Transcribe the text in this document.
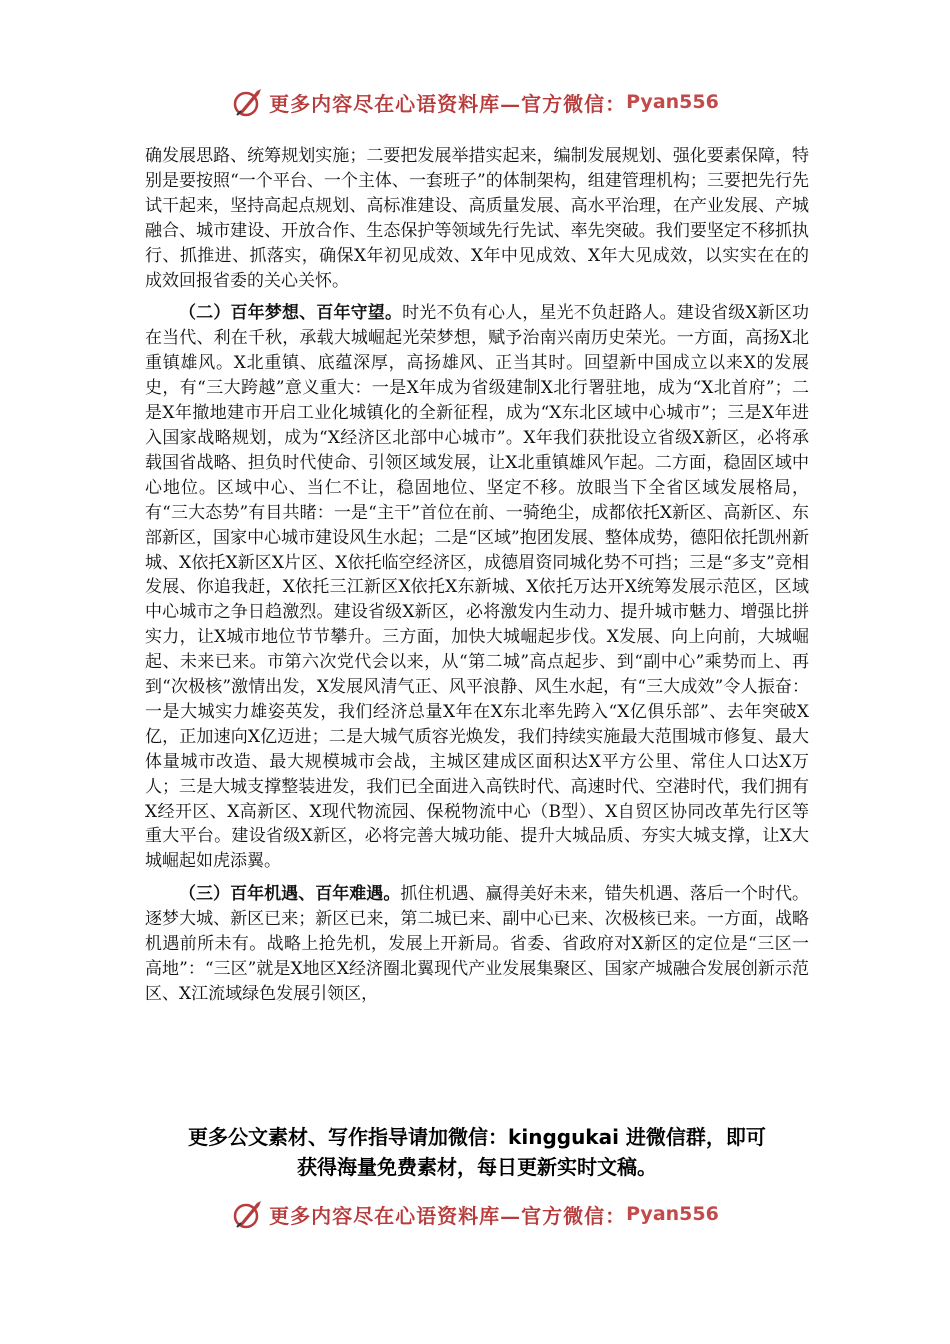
更多内容尽在心语资料库—官方微信： Pyan556

确发展思路、统筹规划实施；二要把发展举措实起来，编制发展规划、强化要素保障，特别是要按照“一个平台、一个主体、一套班子”的体制架构，组建管理机构；三要把先行先试干起来，坚持高起点规划、高标准建设、高质量发展、高水平治理，在产业发展、产城融合、城市建设、开放合作、生态保护等领域先行先试、率先突破。我们要坚定不移抓执行、抓推进、抓落实，确保X年初见成效、X年中见成效、X年大见成效，以实实在在的成效回报省委的关心关怀。

（二）百年梦想、百年守望。时光不负有心人，星光不负赶路人。建设省级X新区功在当代、利在千秋，承载大城崛起光荣梦想，赋予治南兴南历史荣光。一方面，高扬X北重镇雄风。X北重镇、底蕴深厚，高扬雄风、正当其时。回望新中国成立以来X的发展史，有“三大跨越”意义重大：一是X年成为省级建制X北行署驻地，成为“X北首府”；二是X年撤地建市开启工业化城镇化的全新征程，成为“X东北区域中心城市”；三是X年进入国家战略规划，成为“X经济区北部中心城市”。X年我们获批设立省级X新区，必将承载国省战略、担负时代使命、引领区域发展，让X北重镇雄风乍起。二方面，稳固区域中心地位。区域中心、当仁不让，稳固地位、坚定不移。放眼当下全省区域发展格局，有“三大态势”有目共睹：一是“主干”首位在前、一骑绝尘，成都依托X新区、高新区、东部新区，国家中心城市建设风生水起；二是“区域”抱团发展、整体成势，德阳依托凯州新城、X依托X新区X片区、X依托临空经济区，成德眉资同城化势不可挡；三是“多支”竞相发展、你追我赶，X依托三江新区X依托X东新城、X依托万达开X统筹发展示范区，区域中心城市之争日趋激烈。建设省级X新区，必将激发内生动力、提升城市魅力、增强比拼实力，让X城市地位节节攀升。三方面，加快大城崛起步伐。X发展、向上向前，大城崛起、未来已来。市第六次党代会以来，从“第二城”高点起步、到“副中心”乘势而上、再到“次极核”激情出发，X发展风清气正、风平浪静、风生水起，有“三大成效”令人振奋：一是大城实力雄姿英发，我们经济总量X年在X东北率先跨入“X亿俱乐部”、去年突破X亿，正加速向X亿迈进；二是大城气质容光焕发，我们持续实施最大范围城市修复、最大体量城市改造、最大规模城市会战，主城区建成区面积达X平方公里、常住人口达X万人；三是大城支撑整装进发，我们已全面进入高铁时代、高速时代、空港时代，我们拥有X经开区、X高新区、X现代物流园、保税物流中心（B型）、X自贸区协同改革先行区等重大平台。建设省级X新区，必将完善大城功能、提升大城品质、夯实大城支撑，让X大城崛起如虎添翼。

（三）百年机遇、百年难遇。抓住机遇、赢得美好未来，错失机遇、落后一个时代。逐梦大城、新区已来；新区已来，第二城已来、副中心已来、次极核已来。一方面，战略机遇前所未有。战略上抢先机，发展上开新局。省委、省政府对X新区的定位是“三区一高地”：“三区”就是X地区X经济圈北翼现代产业发展集聚区、国家产城融合发展创新示范区、X江流域绿色发展引领区，

更多公文素材、写作指导请加微信：kinggukai 进微信群，即可
获得海量免费素材，每日更新实时文稿。
更多内容尽在心语资料库—官方微信： Pyan556
